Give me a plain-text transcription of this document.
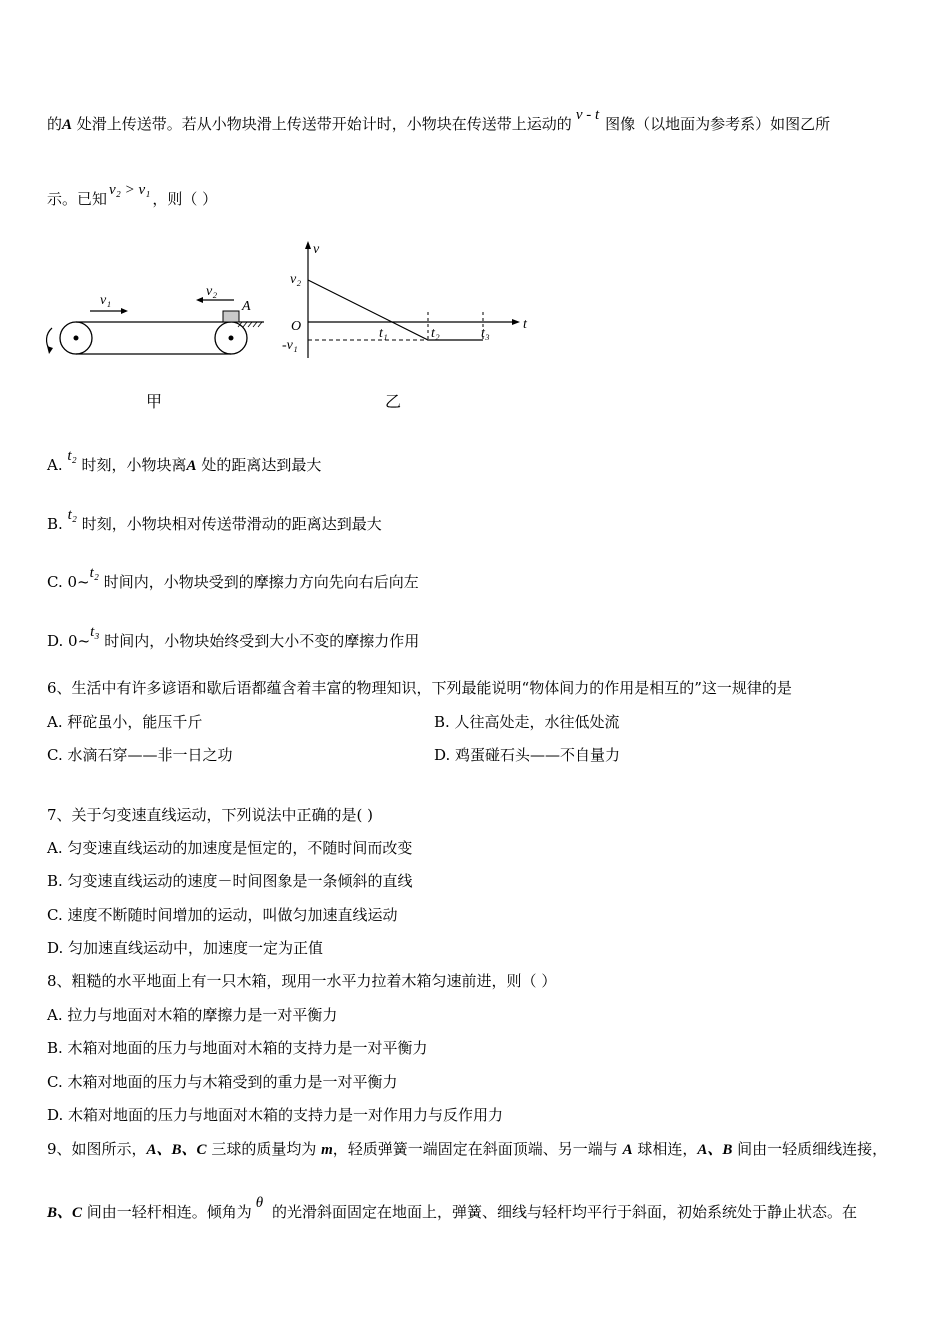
的A 处滑上传送带。若从小物块滑上传送带开始计时，小物块在传送带上运动的 v - t 图像（以地面为参考系）如图乙所
示。已知 v₂ > v₁ ，则（ ）
v₁
v₂
A
v
t
O
v₂
-v₁
t₁	t₂	t₃
甲	乙
A. t₂ 时刻，小物块离A 处的距离达到最大
B. t₂ 时刻，小物块相对传送带滑动的距离达到最大
C. 0~t₂ 时间内，小物块受到的摩擦力方向先向右后向左
D. 0~t₃ 时间内，小物块始终受到大小不变的摩擦力作用
6、生活中有许多谚语和歇后语都蕴含着丰富的物理知识，下列最能说明“物体间力的作用是相互的”这一规律的是
A. 秤砣虽小，能压千斤	B. 人往高处走，水往低处流
C. 水滴石穿——非一日之功	D. 鸡蛋碰石头——不自量力
7、关于匀变速直线运动，下列说法中正确的是( )
A. 匀变速直线运动的加速度是恒定的，不随时间而改变
B. 匀变速直线运动的速度－时间图象是一条倾斜的直线
C. 速度不断随时间增加的运动，叫做匀加速直线运动
D. 匀加速直线运动中，加速度一定为正值
8、粗糙的水平地面上有一只木箱，现用一水平力拉着木箱匀速前进，则（ ）
A. 拉力与地面对木箱的摩擦力是一对平衡力
B. 木箱对地面的压力与地面对木箱的支持力是一对平衡力
C. 木箱对地面的压力与木箱受到的重力是一对平衡力
D. 木箱对地面的压力与地面对木箱的支持力是一对作用力与反作用力
9、如图所示，A、B、C 三球的质量均为 m，轻质弹簧一端固定在斜面顶端、另一端与 A 球相连，A、B 间由一轻质细线连接，
B、C 间由一轻杆相连。倾角为 θ 的光滑斜面固定在地面上，弹簧、细线与轻杆均平行于斜面，初始系统处于静止状态。在
